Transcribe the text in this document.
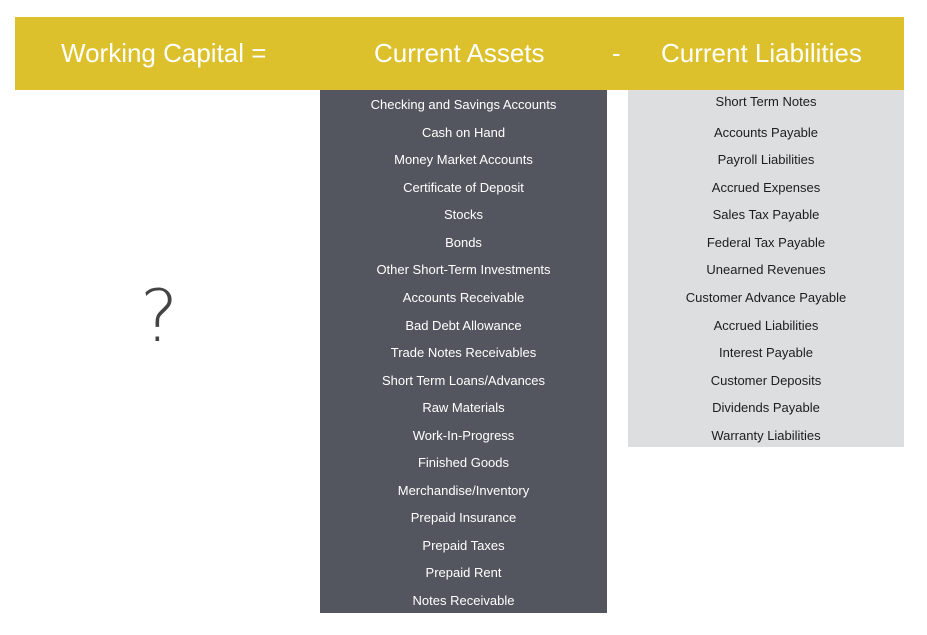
Working Capital =	Current Assets	- Current Liabilities
?
Checking and Savings Accounts
Cash on Hand
Money Market Accounts
Certificate of Deposit
Stocks
Bonds
Other Short-Term Investments
Accounts Receivable
Bad Debt Allowance
Trade Notes Receivables
Short Term Loans/Advances
Raw Materials
Work-In-Progress
Finished Goods
Merchandise/Inventory
Prepaid Insurance
Prepaid Taxes
Prepaid Rent
Notes Receivable
Short Term Notes
Accounts Payable
Payroll Liabilities
Accrued Expenses
Sales Tax Payable
Federal Tax Payable
Unearned Revenues
Customer Advance Payable
Accrued Liabilities
Interest Payable
Customer Deposits
Dividends Payable
Warranty Liabilities
